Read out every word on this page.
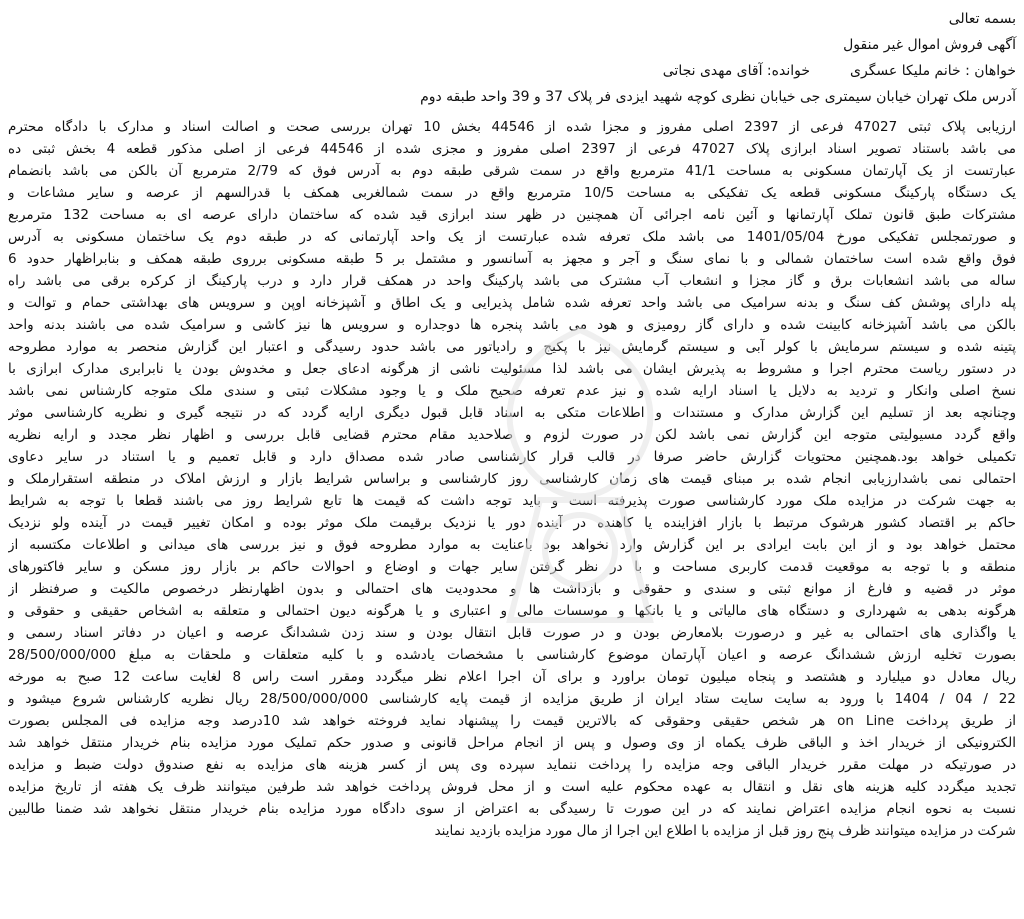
بسمه تعالی
آگهی فروش اموال غیر منقول
خواهان : خانم ملیکا عسگریخوانده: آقای مهدی نجاتی
آدرس ملک تهران خیابان سیمتری جی خیابان نظری کوچه شهید ایزدی فر پلاک 37 و 39 واحد طبقه دوم
ارزیابی پلاک ثبتی 47027 فرعی از 2397 اصلی مفروز و مجزا شده از 44546 بخش 10 تهران بررسی صحت و اصالت اسناد و مدارک با دادگاه محترم
می باشد باستناد تصویر اسناد ابرازی پلاک 47027 فرعی از 2397 اصلی مفروز و مجزی شده از 44546 فرعی از اصلی مذکور قطعه 4 بخش ثبتی ده
عبارتست از یک آپارتمان مسکونی به مساحت 41/1 مترمربع واقع در سمت شرقی طبقه دوم به آدرس فوق که 2/79 مترمربع آن بالکن می باشد بانضمام
یک دستگاه پارکینگ مسکونی قطعه یک تفکیکی به مساحت 10/5 مترمربع واقع در سمت شمالغربی همکف با قدرالسهم از عرصه و سایر مشاعات و
مشترکات طبق قانون تملک آپارتمانها و آئین نامه اجرائی آن همچنین در ظهر سند ابرازی قید شده که ساختمان دارای عرصه ای به مساحت 132 مترمربع
و صورتمجلس تفکیکی مورخ 1401/05/04 می باشد ملک تعرفه شده عبارتست از یک واحد آپارتمانی که در طبقه دوم یک ساختمان مسکونی به آدرس
فوق واقع شده است ساختمان شمالی و با نمای سنگ و آجر و مجهز به آسانسور و مشتمل بر 5 طبقه مسکونی برروی طبقه همکف و بنابراظهار حدود 6
ساله می باشد انشعابات برق و گاز مجزا و انشعاب آب مشترک می باشد پارکینگ واحد در همکف قرار دارد و درب پارکینگ از کرکره برقی می باشد راه
پله دارای پوشش کف سنگ و بدنه سرامیک می باشد واحد تعرفه شده شامل پذیرایی و یک اطاق و آشپزخانه اوپن و سرویس های بهداشتی حمام و توالت و
بالکن می باشد آشپزخانه کابینت شده و دارای گاز رومیزی و هود می باشد پنجره ها دوجداره و سرویس ها نیز کاشی و سرامیک شده می باشند بدنه واحد
پتینه شده و سیستم سرمایش با کولر آبی و سیستم گرمایش نیز با پکیج و رادیاتور می باشد حدود رسیدگی و اعتبار این گزارش منحصر به موارد مطروحه
در دستور ریاست محترم اجرا و مشروط به پذیرش ایشان می باشد لذا مسئولیت ناشی از هرگونه ادعای جعل و مخدوش بودن یا نابرابری مدارک ابرازی با
نسخ اصلی وانکار و تردید به دلایل یا اسناد ارایه شده و نیز عدم تعرفه صحیح ملک و یا وجود مشکلات ثبتی و سندی ملک متوجه کارشناس نمی باشد
وچنانچه بعد از تسلیم این گزارش مدارک و مستندات و اطلاعات متکی به اسناد قابل قبول دیگری ارایه گردد که در نتیجه گیری و نظریه کارشناسی موثر
واقع گردد مسیولیتی متوجه این گزارش نمی باشد لکن در صورت لزوم و صلاحدید مقام محترم قضایی قابل بررسی و اظهار نظر مجدد و ارایه نظریه
تکمیلی خواهد بود.همچنین محتویات گزارش حاضر صرفا در قالب قرار کارشناسی صادر شده مصداق دارد و قابل تعمیم و یا استناد در سایر دعاوی
احتمالی نمی باشدارزیابی انجام شده بر مبنای قیمت های زمان کارشناسی روز کارشناسی و براساس شرایط بازار و ارزش املاک در منطقه استقرارملک و
به جهت شرکت در مزایده ملک مورد کارشناسی صورت پذیرفته است و باید توجه داشت که قیمت ها تابع شرایط روز می باشند قطعا با توجه به شرایط
حاکم بر اقتصاد کشور هرشوک مرتبط با بازار افزاینده یا کاهنده در آینده دور یا نزدیک برقیمت ملک موثر بوده و امکان تغییر قیمت در آینده ولو نزدیک
محتمل خواهد بود و از این بابت ایرادی بر این گزارش وارد نخواهد بود باعنایت به موارد مطروحه فوق و نیز بررسی های میدانی و اطلاعات مکتسبه از
منطقه و با توجه به موقعیت قدمت کاربری مساحت و با در نظر گرفتن سایر جهات و اوضاع و احوالات حاکم بر بازار روز مسکن و سایر فاکتورهای
موثر در قضیه و فارغ از موانع ثبتی و سندی و حقوقی و بازداشت ها و محدودیت های احتمالی و بدون اظهارنظر درخصوص مالکیت و صرفنظر از
هرگونه بدهی به شهرداری و دستگاه های مالیاتی و یا بانکها و موسسات مالی و اعتباری و یا هرگونه دیون احتمالی و متعلقه به اشخاص حقیقی و حقوقی و
یا واگذاری های احتمالی به غیر و درصورت بلامعارض بودن و در صورت قابل انتقال بودن و سند زدن ششدانگ عرصه و اعیان در دفاتر اسناد رسمی و
بصورت تخلیه ارزش ششدانگ عرصه و اعیان آپارتمان موضوع کارشناسی با مشخصات یادشده و با کلیه متعلقات و ملحقات به مبلغ 28/500/000/000
ریال معادل دو میلیارد و هشتصد و پنجاه میلیون تومان براورد و برای آن اجرا اعلام نظر میگردد ومقرر است راس 8 لغایت ساعت 12 صبح به مورخه
22 / 04 / 1404 با ورود به سایت سایت ستاد ایران از طریق مزایده از قیمت پایه کارشناسی 28/500/000/000 ریال نظریه کارشناس شروع میشود و
از طریق پرداخت on Line هر شخص حقیقی وحقوقی که بالاترین قیمت را پیشنهاد نماید فروخته خواهد شد 10درصد وجه مزایده فی المجلس بصورت
الکترونیکی از خریدار اخذ و الباقی ظرف یکماه از وی وصول و پس از انجام مراحل قانونی و صدور حکم تملیک مورد مزایده بنام خریدار منتقل خواهد شد
در صورتیکه در مهلت مقرر خریدار الباقی وجه مزایده را پرداخت ننماید سپرده وی پس از کسر هزینه های مزایده به نفع صندوق دولت ضبط و مزایده
تجدید میگردد کلیه هزینه های نقل و انتقال به عهده محکوم علیه است و از محل فروش پرداخت خواهد شد طرفین میتوانند ظرف یک هفته از تاریخ مزایده
نسبت به نحوه انجام مزایده اعتراض نمایند که در این صورت تا رسیدگی به اعتراض از سوی دادگاه مورد مزایده بنام خریدار منتقل نخواهد شد ضمنا طالبین
شرکت در مزایده میتوانند ظرف پنج روز قبل از مزایده با اطلاع این اجرا از مال مورد مزایده بازدید نمایند
